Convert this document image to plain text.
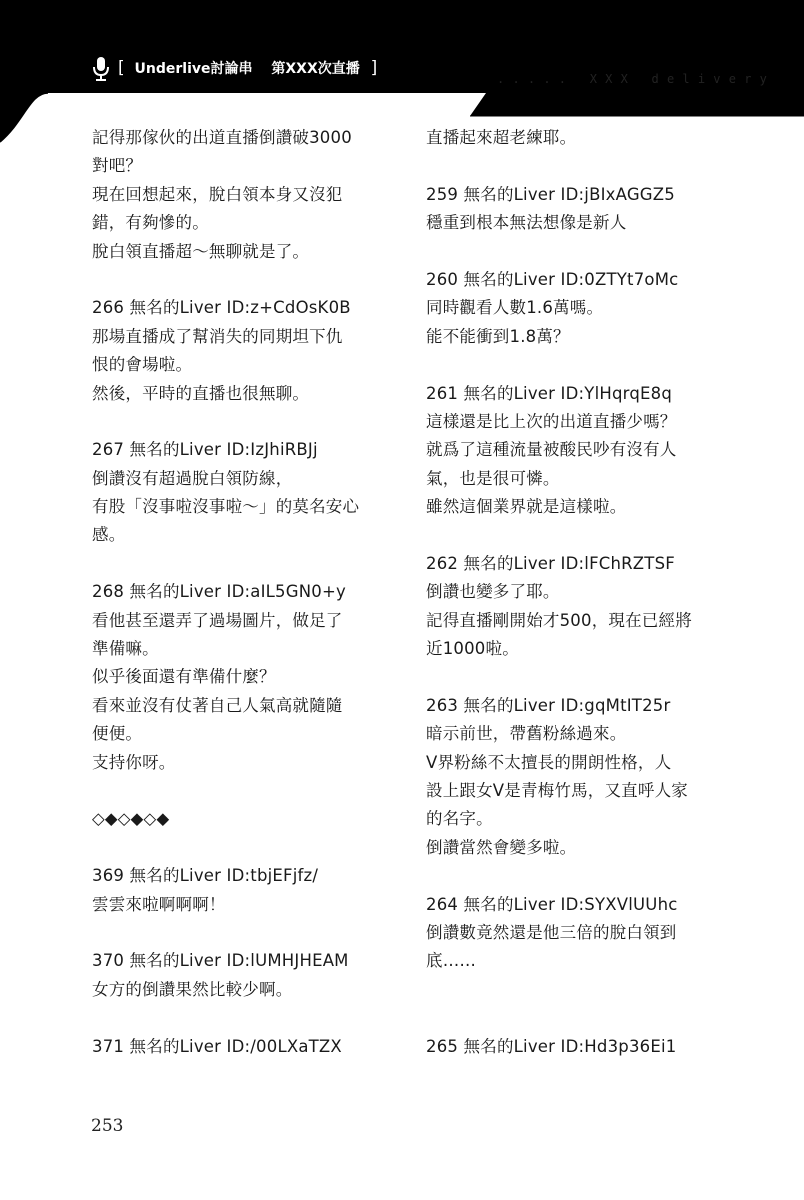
[ Underlive討論串 第XXX次直播 ]
. . . . .   X X X   d e l i v e r y
記得那傢伙的出道直播倒讚破3000
對吧？
現在回想起來，脫白領本身又沒犯
錯，有夠慘的。
脫白領直播超～無聊就是了。
266 無名的Liver ID:z+CdOsK0B
那場直播成了幫消失的同期坦下仇
恨的會場啦。
然後，平時的直播也很無聊。
267 無名的Liver ID:IzJhiRBJj
倒讚沒有超過脫白領防線，
有股「沒事啦沒事啦～」的莫名安心
感。
268 無名的Liver ID:aIL5GN0+y
看他甚至還弄了過場圖片，做足了
準備嘛。
似乎後面還有準備什麼？
看來並沒有仗著自己人氣高就隨隨
便便。
支持你呀。
◇◆◇◆◇◆
369 無名的Liver ID:tbjEFjfz/
雲雲來啦啊啊啊！
370 無名的Liver ID:lUMHJHEAM
女方的倒讚果然比較少啊。
371 無名的Liver ID:/00LXaTZX
直播起來超老練耶。
259 無名的Liver ID:jBIxAGGZ5
穩重到根本無法想像是新人
260 無名的Liver ID:0ZTYt7oMc
同時觀看人數1.6萬嗎。
能不能衝到1.8萬？
261 無名的Liver ID:YlHqrqE8q
這樣還是比上次的出道直播少嗎？
就爲了這種流量被酸民吵有沒有人
氣，也是很可憐。
雖然這個業界就是這樣啦。
262 無名的Liver ID:lFChRZTSF
倒讚也變多了耶。
記得直播剛開始才500，現在已經將
近1000啦。
263 無名的Liver ID:gqMtIT25r
暗示前世，帶舊粉絲過來。
V界粉絲不太擅長的開朗性格，人
設上跟女V是青梅竹馬，又直呼人家
的名字。
倒讚當然會變多啦。
264 無名的Liver ID:SYXVlUUhc
倒讚數竟然還是他三倍的脫白領到
底……
265 無名的Liver ID:Hd3p36Ei1
253
